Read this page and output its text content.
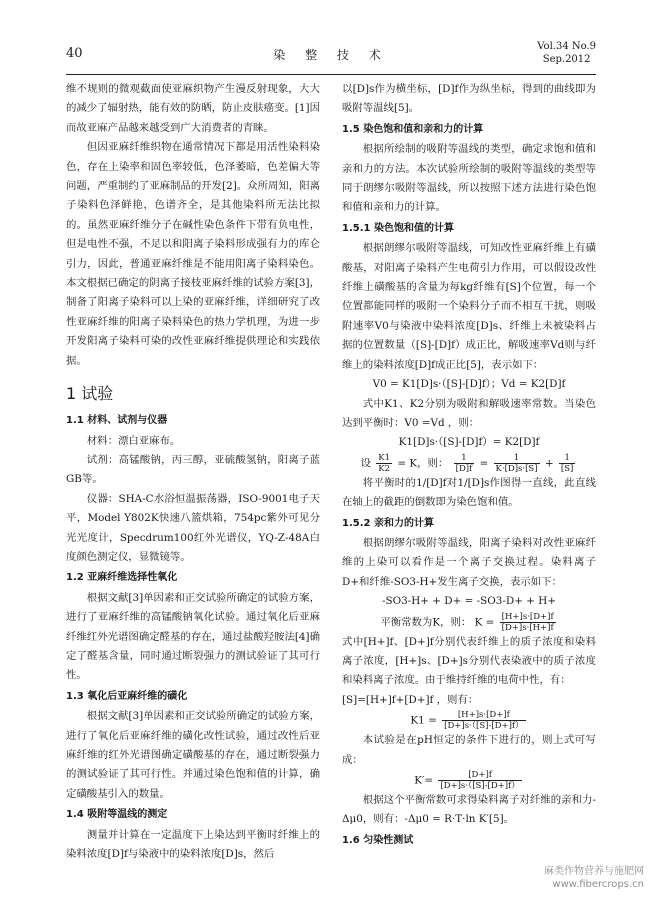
40	染 整 技 术
Vol.34 No.9
Sep.2012

维不规则的微观截面使亚麻织物产生漫反射现象，大大的减少了辐射热，能有效的防晒，防止皮肤癌变。[1]因而故亚麻产品越来越受到广大消费者的青睐。

但因亚麻纤维织物在通常情况下都是用活性染料染色，存在上染率和固色率较低，色泽萎暗，色差偏大等问题，严重制约了亚麻制品的开发[2]。众所周知，阳离子染料色泽鲜艳，色谱齐全，是其他染料所无法比拟的。虽然亚麻纤维分子在碱性染色条件下带有负电性，但是电性不强，不足以和阳离子染料形成强有力的库仑引力，因此，普通亚麻纤维是不能用阳离子染料染色。本文根据已确定的阴离子接枝亚麻纤维的试验方案[3]，制备了阳离子染料可以上染的亚麻纤维，详细研究了改性亚麻纤维的阳离子染料染色的热力学机理，为进一步开发阳离子染料可染的改性亚麻纤维提供理论和实践依据。

1 试验
1.1 材料、试剂与仪器

材料：漂白亚麻布。

试剂：高锰酸钠，丙三醇，亚硫酸氢钠，阳离子蓝GB等。

仪器：SHA-C水浴恒温振荡器，ISO-9001电子天平，Model Y802K快速八篮烘箱，754pc紫外可见分光光度计，Specdrum100红外光谱仪，YQ-Z-48A白度颜色测定仪，显微镜等。

1.2 亚麻纤维选择性氧化

根据文献[3]单因素和正交试验所确定的试验方案，进行了亚麻纤维的高锰酸钠氧化试验。通过氧化后亚麻纤维红外光谱图确定醛基的存在，通过盐酸羟胺法[4]确定了醛基含量，同时通过断裂强力的测试验证了其可行性。

1.3 氧化后亚麻纤维的磺化

根据文献[3]单因素和正交试验所确定的试验方案，进行了氧化后亚麻纤维的磺化改性试验，通过改性后亚麻纤维的红外光谱图确定磺酸基的存在，通过断裂强力的测试验证了其可行性。并通过染色饱和值的计算，确定磺酸基引入的数量。

1.4 吸附等温线的测定

测量并计算在一定温度下上染达到平衡时纤维上的染料浓度[D]f与染液中的染料浓度[D]s，然后

以[D]s作为横坐标，[D]f作为纵坐标，得到的曲线即为吸附等温线[5]。

1.5 染色饱和值和亲和力的计算

根据所绘制的吸附等温线的类型，确定求饱和值和亲和力的方法。本次试验所绘制的吸附等温线的类型等同于朗缪尔吸附等温线，所以按照下述方法进行染色饱和值和亲和力的计算。

1.5.1 染色饱和值的计算

根据朗缪尔吸附等温线，可知改性亚麻纤维上有磺酸基，对阳离子染料产生电荷引力作用，可以假设改性纤维上磺酸基的含量为每kg纤维有[S]个位置，每一个位置都能同样的吸附一个染料分子而不相互干扰，则吸附速率V0与染液中染料浓度[D]s、纤维上未被染料占据的位置数量（[S]-[D]f）成正比，解吸速率Vd则与纤维上的染料浓度[D]f成正比[5]，表示如下：

V0 = K1[D]s·（[S]-[D]f）；Vd = K2[D]f

式中K1、K2分别为吸附和解吸速率常数。当染色达到平衡时：V0 =Vd ，则：

K1[D]s·（[S]-[D]f）= K2[D]f

设 $\frac{K1}{K2} = K$，则： $\frac{1}{[D]f} = \frac{1}{K\cdot[D]s\cdot[S]} + \frac{1}{[S]}$

将平衡时的1/[D]f对1/[D]s作图得一直线，此直线在轴上的截距的倒数即为染色饱和值。

1.5.2 亲和力的计算

根据朗缪尔吸附等温线，阳离子染料对改性亚麻纤维的上染可以看作是一个离子交换过程。染料离子D+和纤维-SO3-H+发生离子交换，表示如下：

-SO3-H+ + D+ = -SO3-D+ + H+

平衡常数为K，则： $K = \frac{[H+]s\cdot[D+]f}{[D+]s\cdot[H+]f}$

式中[H+]f、[D+]f分别代表纤维上的质子浓度和染料离子浓度，[H+]s、[D+]s分别代表染液中的质子浓度和染料离子浓度。由于维持纤维的电荷中性，有：

[S]=[H+]f+[D+]f ，则有：

$K1 = \frac{[H+]s\cdot[D+]f}{[D+]s\cdot([S]-[D+]f)}$

本试验是在pH恒定的条件下进行的，则上式可写成：

$K'= \frac{[D+]f}{[D+]s\cdot([S]-[D+]f)}$

根据这个平衡常数可求得染料离子对纤维的亲和力-Δμ0，则有：-Δμ0 = R·T·ln K′[5]。

1.6 匀染性测试
麻类作物营养与施肥网
www.fibercrops.cn
